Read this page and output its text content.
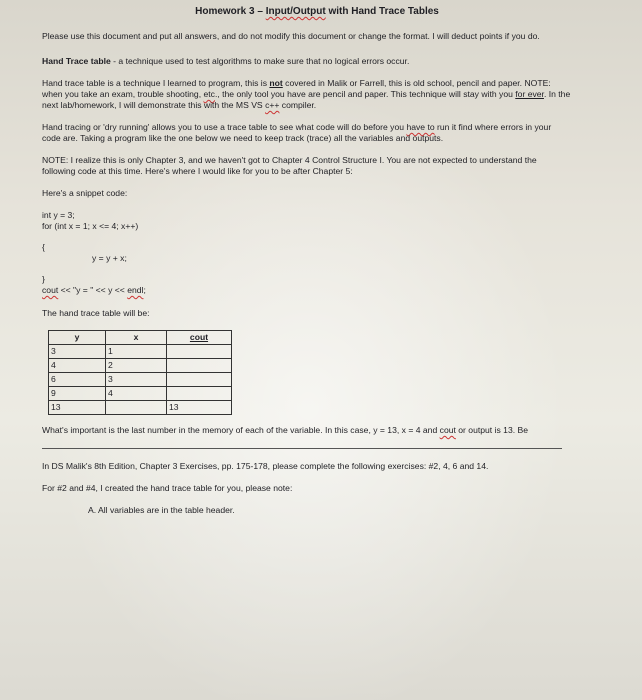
Homework 3 – Input/Output with Hand Trace Tables

Please use this document and put all answers, and do not modify this document or change the format. I will deduct points if you do.

Hand Trace table - a technique used to test algorithms to make sure that no logical errors occur.

Hand trace table is a technique I learned to program, this is not covered in Malik or Farrell, this is old school, pencil and paper. NOTE: when you take an exam, trouble shooting, etc., the only tool you have are pencil and paper. This technique will stay with you for ever. In the next lab/homework, I will demonstrate this with the MS VS c++ compiler.

Hand tracing or 'dry running' allows you to use a trace table to see what code will do before you have to run it find where errors in your code are. Taking a program like the one below we need to keep track (trace) all the variables and outputs.

NOTE: I realize this is only Chapter 3, and we haven't got to Chapter 4 Control Structure I. You are not expected to understand the following code at this time. Here's where I would like for you to be after Chapter 5:

Here's a snippet code:

int y = 3;
for (int x = 1; x <= 4; x++)
{
y = y + x;
}
cout << "y = " << y << endl;

The hand trace table will be:

y	x	cout
3	1	
4	2	
6	3	
9	4	
13		13

What's important is the last number in the memory of each of the variable. In this case, y = 13, x = 4 and cout or output is 13. Be

In DS Malik's 8th Edition, Chapter 3 Exercises, pp. 175-178, please complete the following exercises: #2, 4, 6 and 14.

For #2 and #4, I created the hand trace table for you, please note:

A. All variables are in the table header.
